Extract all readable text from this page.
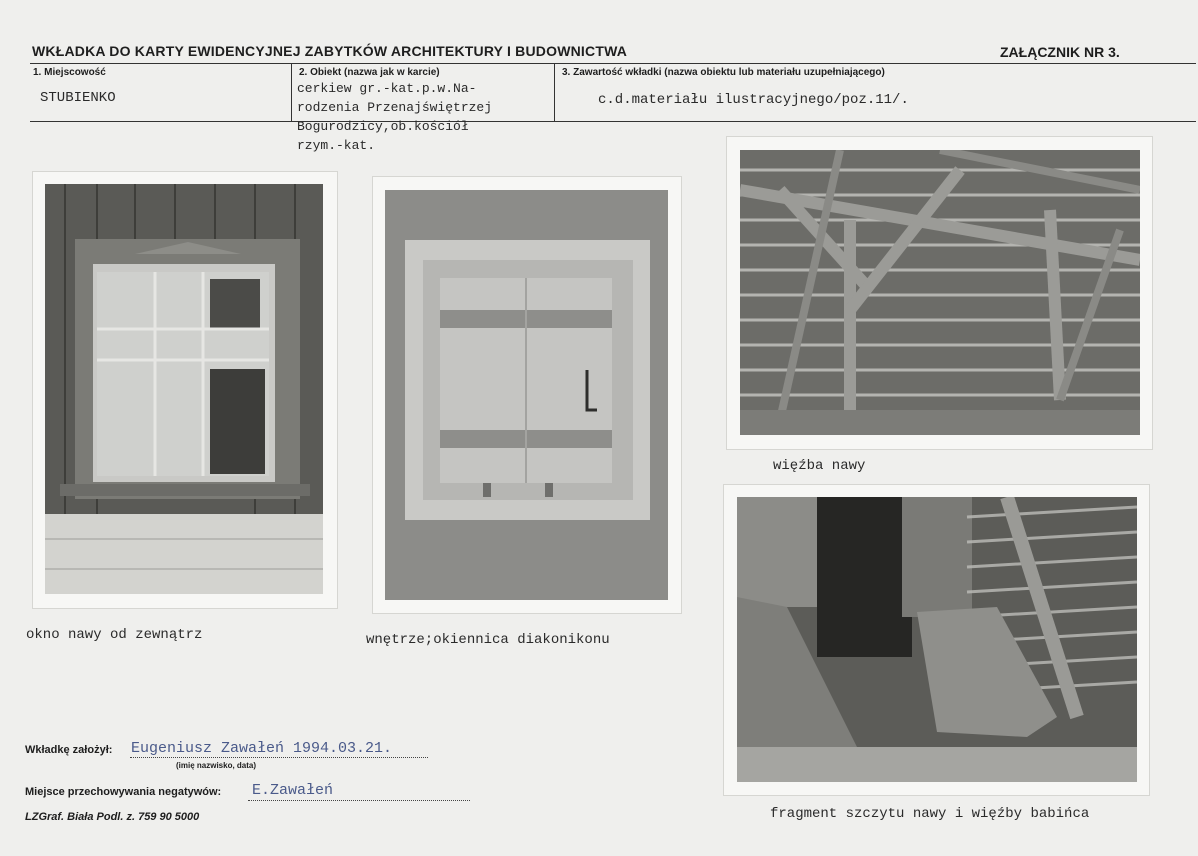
WKŁADKA DO KARTY EWIDENCYJNEJ ZABYTKÓW ARCHITEKTURY I BUDOWNICTWA	ZAŁĄCZNIK NR 3.
1. Miejscowość
STUBIENKO
2. Obiekt (nazwa jak w karcie)
cerkiew gr.-kat.p.w.Na-
rodzenia Przenajświętrzej
Bogurodzicy,ob.kościół
rzym.-kat.
3. Zawartość wkładki (nazwa obiektu lub materiału uzupełniającego)
c.d.materiału ilustracyjnego/poz.11/.
okno nawy od zewnątrz	wnętrze;okiennica diakonikonu
więźba nawy
fragment szczytu nawy i więźby babińca
Wkładkę założył: Eugeniusz Zawałeń 1994.03.21.
(imię nazwisko, data)
Miejsce przechowywania negatywów: E.Zawałeń
LZGraf. Biała Podl. z. 759 90 5000
